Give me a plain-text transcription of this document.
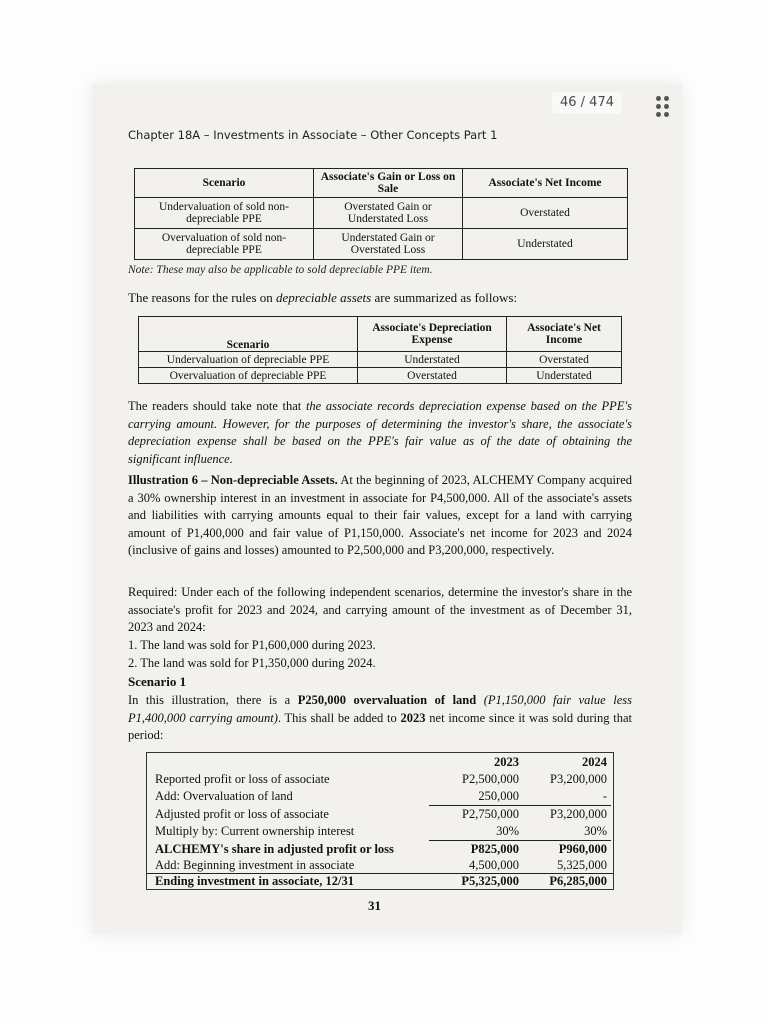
46 / 474
Chapter 18A – Investments in Associate – Other Concepts Part 1
Scenario	Associate's Gain or Loss on Sale	Associate's Net Income
Undervaluation of sold non-depreciable PPE	Overstated Gain or Understated Loss	Overstated
Overvaluation of sold non-depreciable PPE	Understated Gain or Overstated Loss	Understated
Note: These may also be applicable to sold depreciable PPE item.
The reasons for the rules on depreciable assets are summarized as follows:
Scenario	Associate's Depreciation Expense	Associate's Net Income
Undervaluation of depreciable PPE	Understated	Overstated
Overvaluation of depreciable PPE	Overstated	Understated

The readers should take note that the associate records depreciation expense based on the PPE's carrying amount. However, for the purposes of determining the investor's share, the associate's depreciation expense shall be based on the PPE's fair value as of the date of obtaining the significant influence.

Illustration 6 – Non-depreciable Assets. At the beginning of 2023, ALCHEMY Company acquired a 30% ownership interest in an investment in associate for P4,500,000. All of the associate's assets and liabilities with carrying amounts equal to their fair values, except for a land with carrying amount of P1,400,000 and fair value of P1,150,000. Associate's net income for 2023 and 2024 (inclusive of gains and losses) amounted to P2,500,000 and P3,200,000, respectively.

Required: Under each of the following independent scenarios, determine the investor's share in the associate's profit for 2023 and 2024, and carrying amount of the investment as of December 31, 2023 and 2024:

1. The land was sold for P1,600,000 during 2023.
2. The land was sold for P1,350,000 during 2024.
Scenario 1

In this illustration, there is a P250,000 overvaluation of land (P1,150,000 fair value less P1,400,000 carrying amount). This shall be added to 2023 net income since it was sold during that period:

2023	2024
Reported profit or loss of associate	P2,500,000 P3,200,000
Add: Overvaluation of land	250,000	-
Adjusted profit or loss of associate	P2,750,000 P3,200,000
Multiply by: Current ownership interest	30%	30%
ALCHEMY's share in adjusted profit or loss	P825,000	P960,000
Add: Beginning investment in associate	4,500,000	5,325,000
Ending investment in associate, 12/31	P5,325,000 P6,285,000
31
